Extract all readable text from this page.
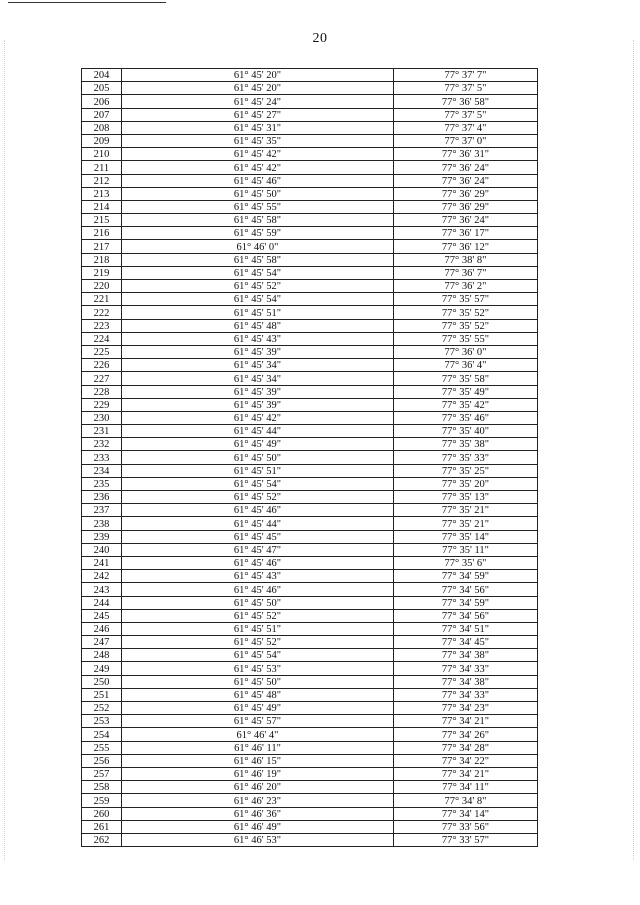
20
204	61° 45' 20"	77° 37' 7"
205	61° 45' 20"	77° 37' 5"
206	61° 45' 24"	77° 36' 58"
207	61° 45' 27"	77° 37' 5"
208	61° 45' 31"	77° 37' 4"
209	61° 45' 35"	77° 37' 0"
210	61° 45' 42"	77° 36' 31"
211	61° 45' 42"	77° 36' 24"
212	61° 45' 46"	77° 36' 24"
213	61° 45' 50"	77° 36' 29"
214	61° 45' 55"	77° 36' 29"
215	61° 45' 58"	77° 36' 24"
216	61° 45' 59"	77° 36' 17"
217	61° 46' 0"	77° 36' 12"
218	61° 45' 58"	77° 38' 8"
219	61° 45' 54"	77° 36' 7"
220	61° 45' 52"	77° 36' 2"
221	61° 45' 54"	77° 35' 57"
222	61° 45' 51"	77° 35' 52"
223	61° 45' 48"	77° 35' 52"
224	61° 45' 43"	77° 35' 55"
225	61° 45' 39"	77° 36' 0"
226	61° 45' 34"	77° 36' 4"
227	61° 45' 34"	77° 35' 58"
228	61° 45' 39"	77° 35' 49"
229	61° 45' 39"	77° 35' 42"
230	61° 45' 42"	77° 35' 46"
231	61° 45' 44"	77° 35' 40"
232	61° 45' 49"	77° 35' 38"
233	61° 45' 50"	77° 35' 33"
234	61° 45' 51"	77° 35' 25"
235	61° 45' 54"	77° 35' 20"
236	61° 45' 52"	77° 35' 13"
237	61° 45' 46"	77° 35' 21"
238	61° 45' 44"	77° 35' 21"
239	61° 45' 45"	77° 35' 14"
240	61° 45' 47"	77° 35' 11"
241	61° 45' 46"	77° 35' 6"
242	61° 45' 43"	77° 34' 59"
243	61° 45' 46"	77° 34' 56"
244	61° 45' 50"	77° 34' 59"
245	61° 45' 52"	77° 34' 56"
246	61° 45' 51"	77° 34' 51"
247	61° 45' 52"	77° 34' 45"
248	61° 45' 54"	77° 34' 38"
249	61° 45' 53"	77° 34' 33"
250	61° 45' 50"	77° 34' 38"
251	61° 45' 48"	77° 34' 33"
252	61° 45' 49"	77° 34' 23"
253	61° 45' 57"	77° 34' 21"
254	61° 46' 4"	77° 34' 26"
255	61° 46' 11"	77° 34' 28"
256	61° 46' 15"	77° 34' 22"
257	61° 46' 19"	77° 34' 21"
258	61° 46' 20"	77° 34' 11"
259	61° 46' 23"	77° 34' 8"
260	61° 46' 36"	77° 34' 14"
261	61° 46' 49"	77° 33' 56"
262	61° 46' 53"	77° 33' 57"
